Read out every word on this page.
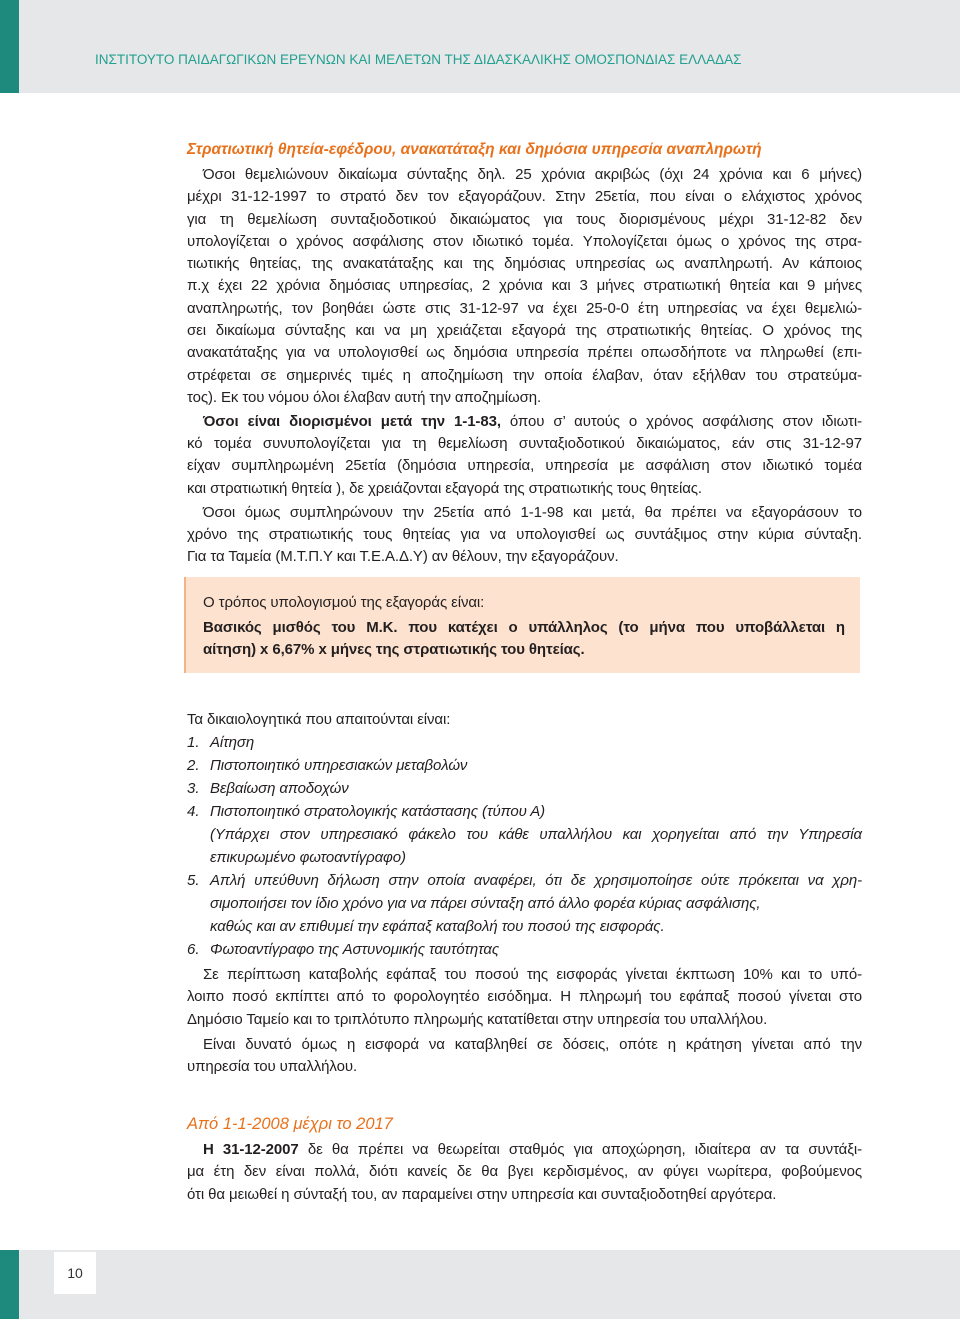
ΙΝΣΤΙΤΟΥΤΟ ΠΑΙΔΑΓΩΓΙΚΩΝ ΕΡΕΥΝΩΝ ΚΑΙ ΜΕΛΕΤΩΝ ΤΗΣ ΔΙΔΑΣΚΑΛΙΚΗΣ ΟΜΟΣΠΟΝΔΙΑΣ ΕΛΛΑΔΑΣ
Στρατιωτική θητεία-εφέδρου, ανακατάταξη και δημόσια υπηρεσία αναπληρωτή
Όσοι θεμελιώνουν δικαίωμα σύνταξης δηλ. 25 χρόνια ακριβώς (όχι 24 χρόνια και 6 μήνες)
μέχρι 31-12-1997 το στρατό δεν τον εξαγοράζουν. Στην 25ετία, που είναι ο ελάχιστος χρόνος
για τη θεμελίωση συνταξιοδοτικού δικαιώματος για τους διορισμένους μέχρι 31-12-82 δεν
υπολογίζεται ο χρόνος ασφάλισης στον ιδιωτικό τομέα. Υπολογίζεται όμως ο χρόνος της στρα-
τιωτικής θητείας, της ανακατάταξης και της δημόσιας υπηρεσίας ως αναπληρωτή. Αν κάποιος
π.χ έχει 22 χρόνια δημόσιας υπηρεσίας, 2 χρόνια και 3 μήνες στρατιωτική θητεία και 9 μήνες
αναπληρωτής, τον βοηθάει ώστε στις 31-12-97 να έχει 25-0-0 έτη υπηρεσίας να έχει θεμελιώ-
σει δικαίωμα σύνταξης και να μη χρειάζεται εξαγορά της στρατιωτικής θητείας. Ο χρόνος της
ανακατάταξης για να υπολογισθεί ως δημόσια υπηρεσία πρέπει οπωσδήποτε να πληρωθεί (επι-
στρέφεται σε σημερινές τιμές η αποζημίωση την οποία έλαβαν, όταν εξήλθαν του στρατεύμα-
τος). Εκ του νόμου όλοι έλαβαν αυτή την αποζημίωση.
Όσοι είναι διορισμένοι μετά την 1-1-83, όπου σ’ αυτούς ο χρόνος ασφάλισης στον ιδιωτι-
κό τομέα συνυπολογίζεται για τη θεμελίωση συνταξιοδοτικού δικαιώματος, εάν στις 31-12-97
είχαν συμπληρωμένη 25ετία (δημόσια υπηρεσία, υπηρεσία με ασφάλιση στον ιδιωτικό τομέα
και στρατιωτική θητεία ), δε χρειάζονται εξαγορά της στρατιωτικής τους θητείας.
Όσοι όμως συμπληρώνουν την 25ετία από 1-1-98 και μετά, θα πρέπει να εξαγοράσουν το
χρόνο της στρατιωτικής τους θητείας για να υπολογισθεί ως συντάξιμος στην κύρια σύνταξη.
Για τα Ταμεία (Μ.Τ.Π.Υ και Τ.Ε.Α.Δ.Υ) αν θέλουν, την εξαγοράζουν.
Ο τρόπος υπολογισμού της εξαγοράς είναι:
Βασικός μισθός του Μ.Κ. που κατέχει ο υπάλληλος (το μήνα που υποβάλλεται η
αίτηση) x 6,67% x μήνες της στρατιωτικής του θητείας.
Τα δικαιολογητικά που απαιτούνται είναι:
1. Αίτηση
2. Πιστοποιητικό υπηρεσιακών μεταβολών
3. Βεβαίωση αποδοχών
4. Πιστοποιητικό στρατολογικής κατάστασης (τύπου Α)
(Υπάρχει στον υπηρεσιακό φάκελο του κάθε υπαλλήλου και χορηγείται από την Υπηρεσία
επικυρωμένο φωτοαντίγραφο)
5. Απλή υπεύθυνη δήλωση στην οποία αναφέρει, ότι δε χρησιμοποίησε ούτε πρόκειται να χρη-
σιμοποιήσει τον ίδιο χρόνο για να πάρει σύνταξη από άλλο φορέα κύριας ασφάλισης,
καθώς και αν επιθυμεί την εφάπαξ καταβολή του ποσού της εισφοράς.
6. Φωτοαντίγραφο της Αστυνομικής ταυτότητας
Σε περίπτωση καταβολής εφάπαξ του ποσού της εισφοράς γίνεται έκπτωση 10% και το υπό-
λοιπο ποσό εκπίπτει από το φορολογητέο εισόδημα. Η πληρωμή του εφάπαξ ποσού γίνεται στο
Δημόσιο Ταμείο και το τριπλότυπο πληρωμής κατατίθεται στην υπηρεσία του υπαλλήλου.
Είναι δυνατό όμως η εισφορά να καταβληθεί σε δόσεις, οπότε η κράτηση γίνεται από την
υπηρεσία του υπαλλήλου.
Από 1-1-2008 μέχρι το 2017
Η 31-12-2007 δε θα πρέπει να θεωρείται σταθμός για αποχώρηση, ιδιαίτερα αν τα συντάξι-
μα έτη δεν είναι πολλά, διότι κανείς δε θα βγει κερδισμένος, αν φύγει νωρίτερα, φοβούμενος
ότι θα μειωθεί η σύνταξή του, αν παραμείνει στην υπηρεσία και συνταξιοδοτηθεί αργότερα.
10
